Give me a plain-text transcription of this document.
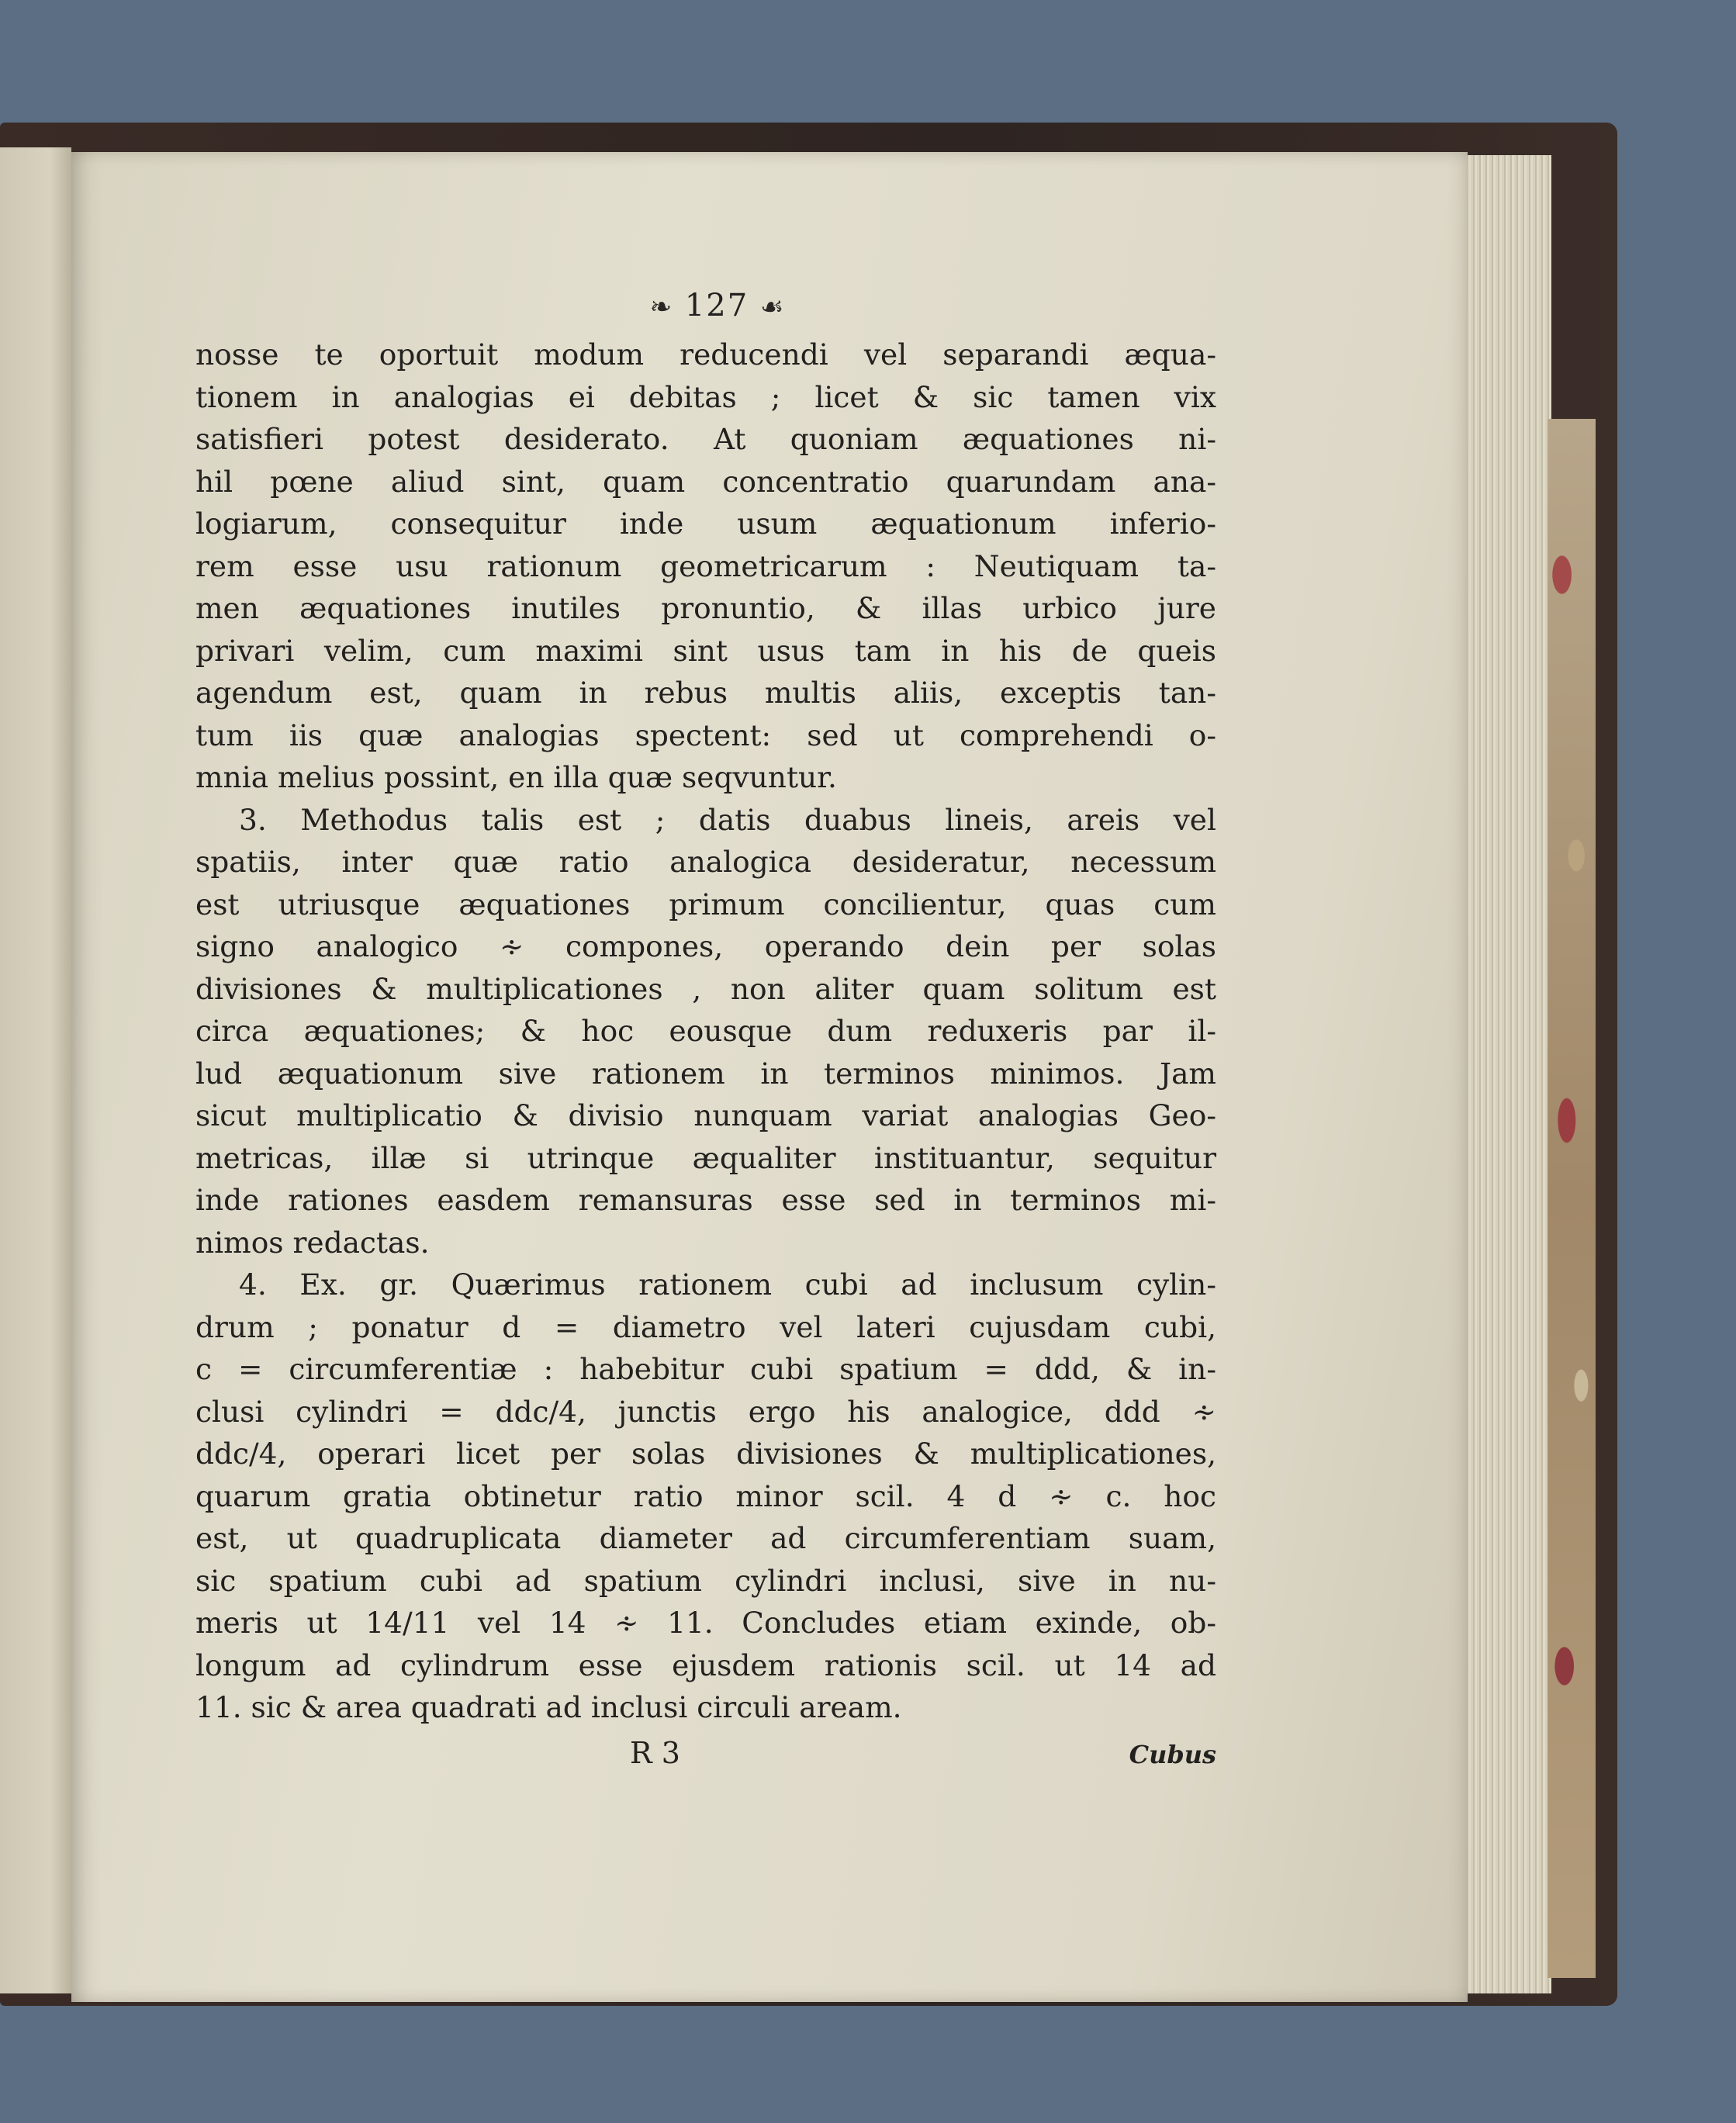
❧ 127 ☙
nosse te oportuit modum reducendi vel separandi æqua-
tionem in analogias ei debitas ; licet & sic tamen vix
satisfieri potest desiderato. At quoniam æquationes ni-
hil pœne aliud sint, quam concentratio quarundam ana-
logiarum, consequitur inde usum æquationum inferio-
rem esse usu rationum geometricarum : Neutiquam ta-
men æquationes inutiles pronuntio, & illas urbico jure
privari velim, cum maximi sint usus tam in his de queis
agendum est, quam in rebus multis aliis, exceptis tan-
tum iis quæ analogias spectent: sed ut comprehendi o-
mnia melius possint, en illa quæ seqvuntur.
3. Methodus talis est ; datis duabus lineis, areis vel
spatiis, inter quæ ratio analogica desideratur, necessum
est utriusque æquationes primum concilientur, quas cum
signo analogico ∻ compones, operando dein per solas
divisiones & multiplicationes , non aliter quam solitum est
circa æquationes; & hoc eousque dum reduxeris par il-
lud æquationum sive rationem in terminos minimos. Jam
sicut multiplicatio & divisio nunquam variat analogias Geo-
metricas, illæ si utrinque æqualiter instituantur, sequitur
inde rationes easdem remansuras esse sed in terminos mi-
nimos redactas.
4. Ex. gr. Quærimus rationem cubi ad inclusum cylin-
drum ; ponatur d = diametro vel lateri cujusdam cubi,
c = circumferentiæ : habebitur cubi spatium = ddd, & in-
clusi cylindri = ddc/4, junctis ergo his analogice, ddd ∻
ddc/4, operari licet per solas divisiones & multiplicationes,
quarum gratia obtinetur ratio minor scil. 4 d ∻ c. hoc
est, ut quadruplicata diameter ad circumferentiam suam,
sic spatium cubi ad spatium cylindri inclusi, sive in nu-
meris ut 14/11 vel 14 ∻ 11. Concludes etiam exinde, ob-
longum ad cylindrum esse ejusdem rationis scil. ut 14 ad
11. sic & area quadrati ad inclusi circuli aream.
R 3	Cubus
